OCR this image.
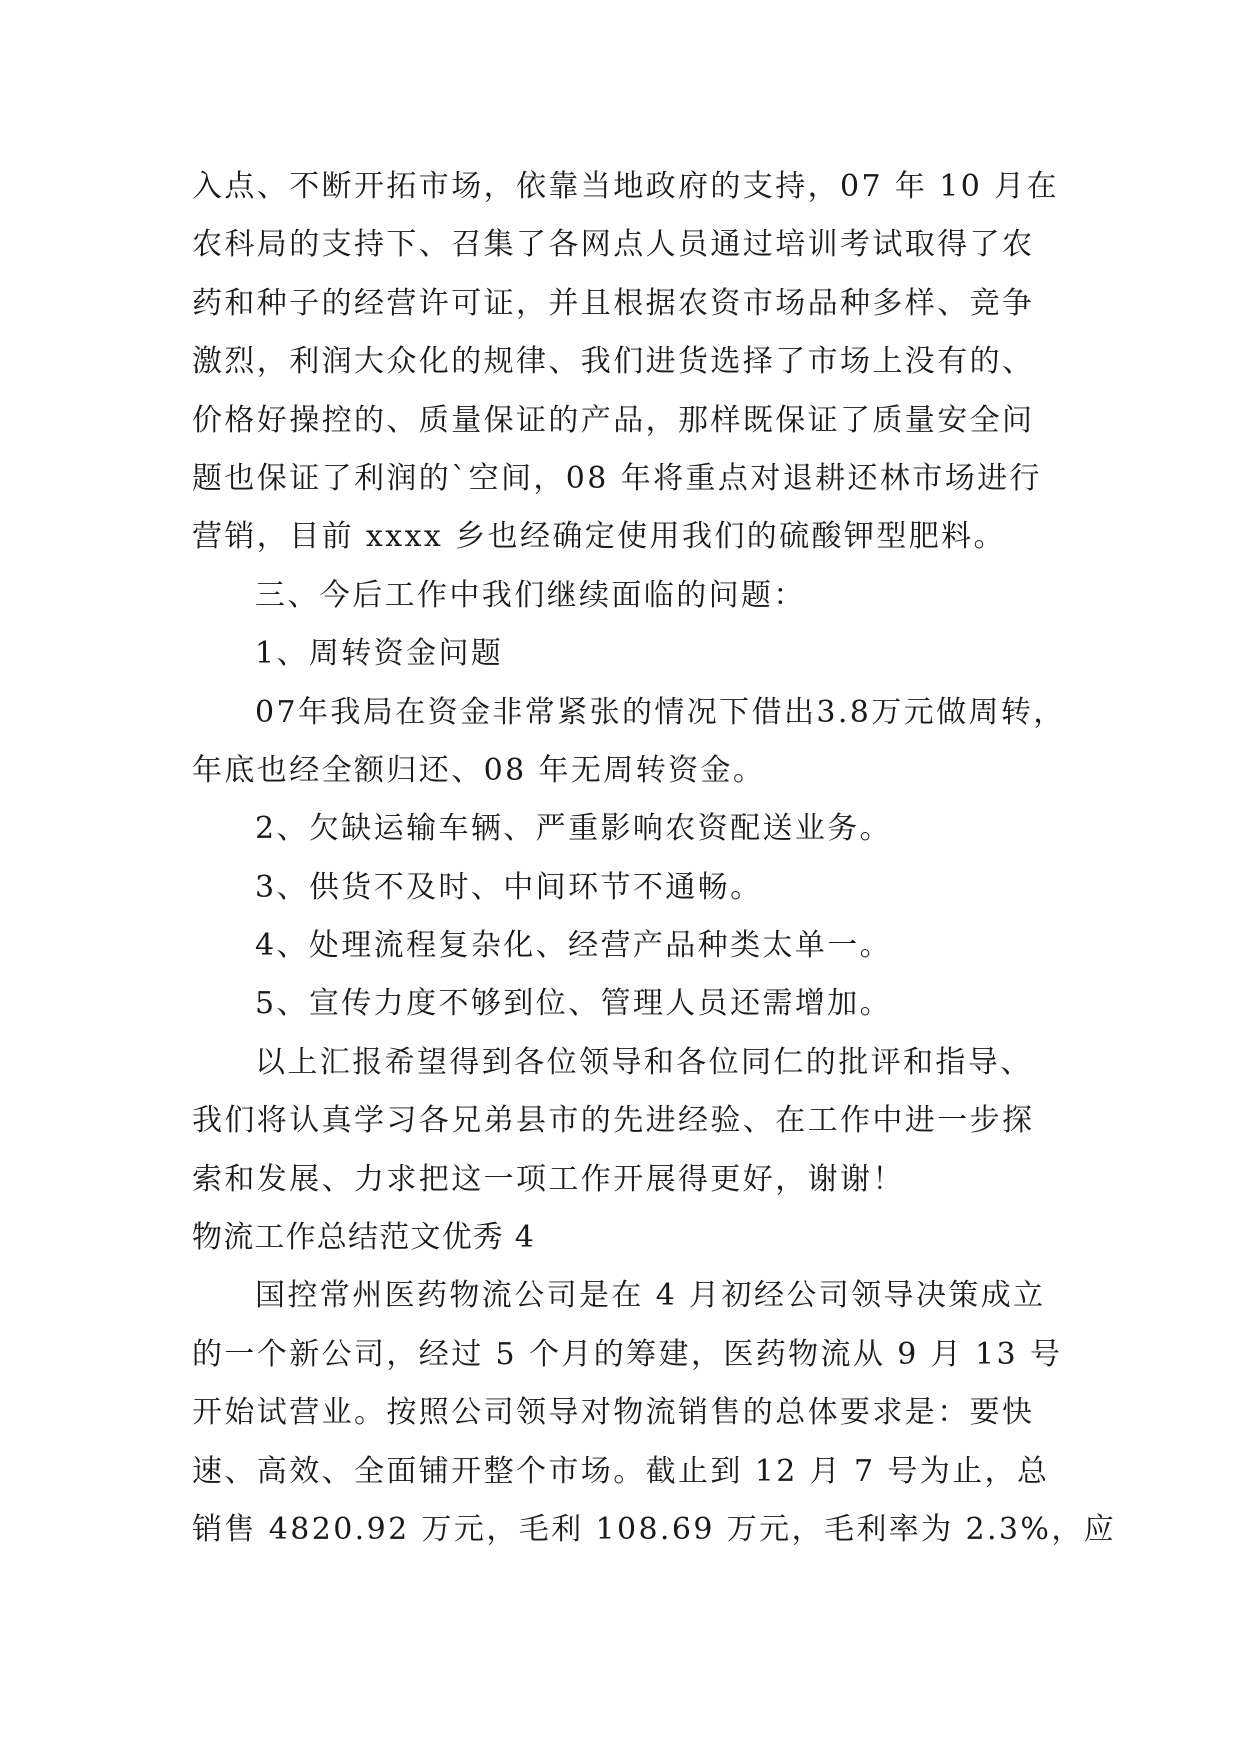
入点、不断开拓市场，依靠当地政府的支持，07 年 10 月在
农科局的支持下、召集了各网点人员通过培训考试取得了农
药和种子的经营许可证，并且根据农资市场品种多样、竞争
激烈，利润大众化的规律、我们进货选择了市场上没有的、
价格好操控的、质量保证的产品，那样既保证了质量安全问
题也保证了利润的`空间，08 年将重点对退耕还林市场进行
营销，目前 xxxx 乡也经确定使用我们的硫酸钾型肥料。
三、今后工作中我们继续面临的问题：
1、周转资金问题
07年我局在资金非常紧张的情况下借出3.8万元做周转，
年底也经全额归还、08 年无周转资金。
2、欠缺运输车辆、严重影响农资配送业务。
3、供货不及时、中间环节不通畅。
4、处理流程复杂化、经营产品种类太单一。
5、宣传力度不够到位、管理人员还需增加。
以上汇报希望得到各位领导和各位同仁的批评和指导、
我们将认真学习各兄弟县市的先进经验、在工作中进一步探
索和发展、力求把这一项工作开展得更好，谢谢！
物流工作总结范文优秀 4
国控常州医药物流公司是在 4 月初经公司领导决策成立
的一个新公司，经过 5 个月的筹建，医药物流从 9 月 13 号
开始试营业。按照公司领导对物流销售的总体要求是：要快
速、高效、全面铺开整个市场。截止到 12 月 7 号为止，总
销售 4820.92 万元，毛利 108.69 万元，毛利率为 2.3%，应
